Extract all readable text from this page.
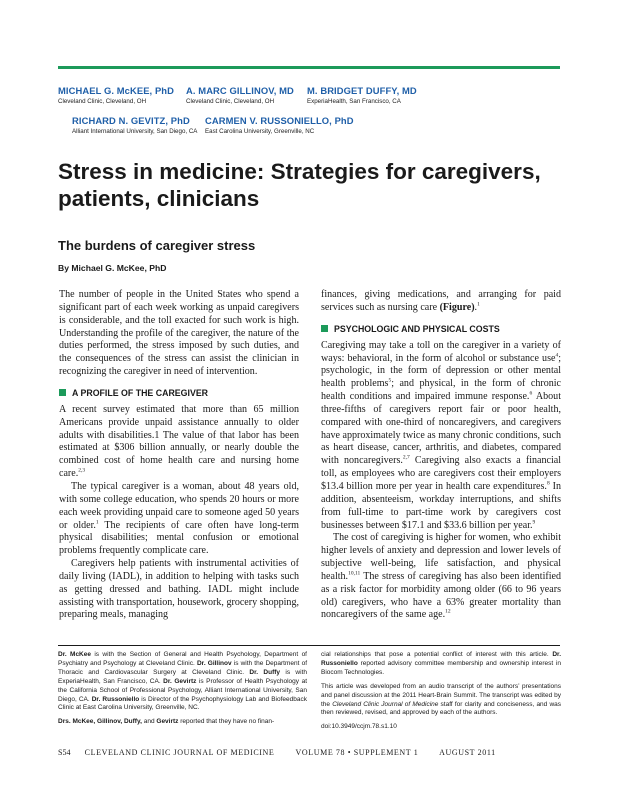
MICHAEL G. McKEE, PhD
Cleveland Clinic, Cleveland, OH
A. MARC GILLINOV, MD
Cleveland Clinic, Cleveland, OH
M. BRIDGET DUFFY, MD
ExperiaHealth, San Francisco, CA
RICHARD N. GEVITZ, PhD
Alliant International University, San Diego, CA
CARMEN V. RUSSONIELLO, PhD
East Carolina University, Greenville, NC
Stress in medicine: Strategies for caregivers, patients, clinicians
The burdens of caregiver stress
By Michael G. McKee, PhD

The number of people in the United States who spend a significant part of each week working as unpaid caregivers is considerable, and the toll exacted for such work is high. Understanding the profile of the caregiver, the nature of the duties performed, the stress imposed by such duties, and the consequences of the stress can assist the clinician in recognizing the caregiver in need of intervention.

A PROFILE OF THE CAREGIVER

A recent survey estimated that more than 65 million Americans provide unpaid assistance annually to older adults with disabilities.1 The value of that labor has been estimated at $306 billion annually, or nearly double the combined cost of home health care and nursing home care.$^{2,3}$

The typical caregiver is a woman, about 48 years old, with some college education, who spends 20 hours or more each week providing unpaid care to someone aged 50 years or older.$^1$ The recipients of care often have long-term physical disabilities; mental confusion or emotional problems frequently complicate care.

Caregivers help patients with instrumental activities of daily living (IADL), in addition to helping with tasks such as getting dressed and bathing. IADL might include assisting with transportation, housework, grocery shopping, preparing meals, managing

finances, giving medications, and arranging for paid services such as nursing care (Figure).$^1$

PSYCHOLOGIC AND PHYSICAL COSTS

Caregiving may take a toll on the caregiver in a variety of ways: behavioral, in the form of alcohol or substance use$^4$; psychologic, in the form of depression or other mental health problems$^5$; and physical, in the form of chronic health conditions and impaired immune response.$^6$ About three-fifths of caregivers report fair or poor health, compared with one-third of noncaregivers, and caregivers have approximately twice as many chronic conditions, such as heart disease, cancer, arthritis, and diabetes, compared with noncaregivers.$^{2,7}$ Caregiving also exacts a financial toll, as employees who are caregivers cost their employers $13.4 billion more per year in health care expenditures.$^8$ In addition, absenteeism, workday interruptions, and shifts from full-time to part-time work by caregivers cost businesses between $17.1 and $33.6 billion per year.$^9$

The cost of caregiving is higher for women, who exhibit higher levels of anxiety and depression and lower levels of subjective well-being, life satisfaction, and physical health.$^{10,11}$ The stress of caregiving has also been identified as a risk factor for morbidity among older (66 to 96 years old) caregivers, who have a 63% greater mortality than noncaregivers of the same age.$^{12}$

Dr. McKee is with the Section of General and Health Psychology, Department of Psychiatry and Psychology at Cleveland Clinic. Dr. Gillinov is with the Department of Thoracic and Cardiovascular Surgery at Cleveland Clinic. Dr. Duffy is with ExperiaHealth, San Francisco, CA. Dr. Gevirtz is Professor of Health Psychology at the California School of Professional Psychology, Alliant International University, San Diego, CA. Dr. Russoniello is Director of the Psychophysiology Lab and Biofeedback Clinic at East Carolina University, Greenville, NC.

Drs. McKee, Gillinov, Duffy, and Gevirtz reported that they have no finan-

cial relationships that pose a potential conflict of interest with this article. Dr. Russoniello reported advisory committee membership and ownership interest in Biocom Technologies.

This article was developed from an audio transcript of the authors’ presentations and panel discussion at the 2011 Heart-Brain Summit. The transcript was edited by the Cleveland Clinic Journal of Medicine staff for clarity and conciseness, and was then reviewed, revised, and approved by each of the authors.

doi:10.3949/ccjm.78.s1.10

S54 CLEVELAND CLINIC JOURNAL OF MEDICINE	VOLUME 78 • SUPPLEMENT 1	AUGUST 2011
